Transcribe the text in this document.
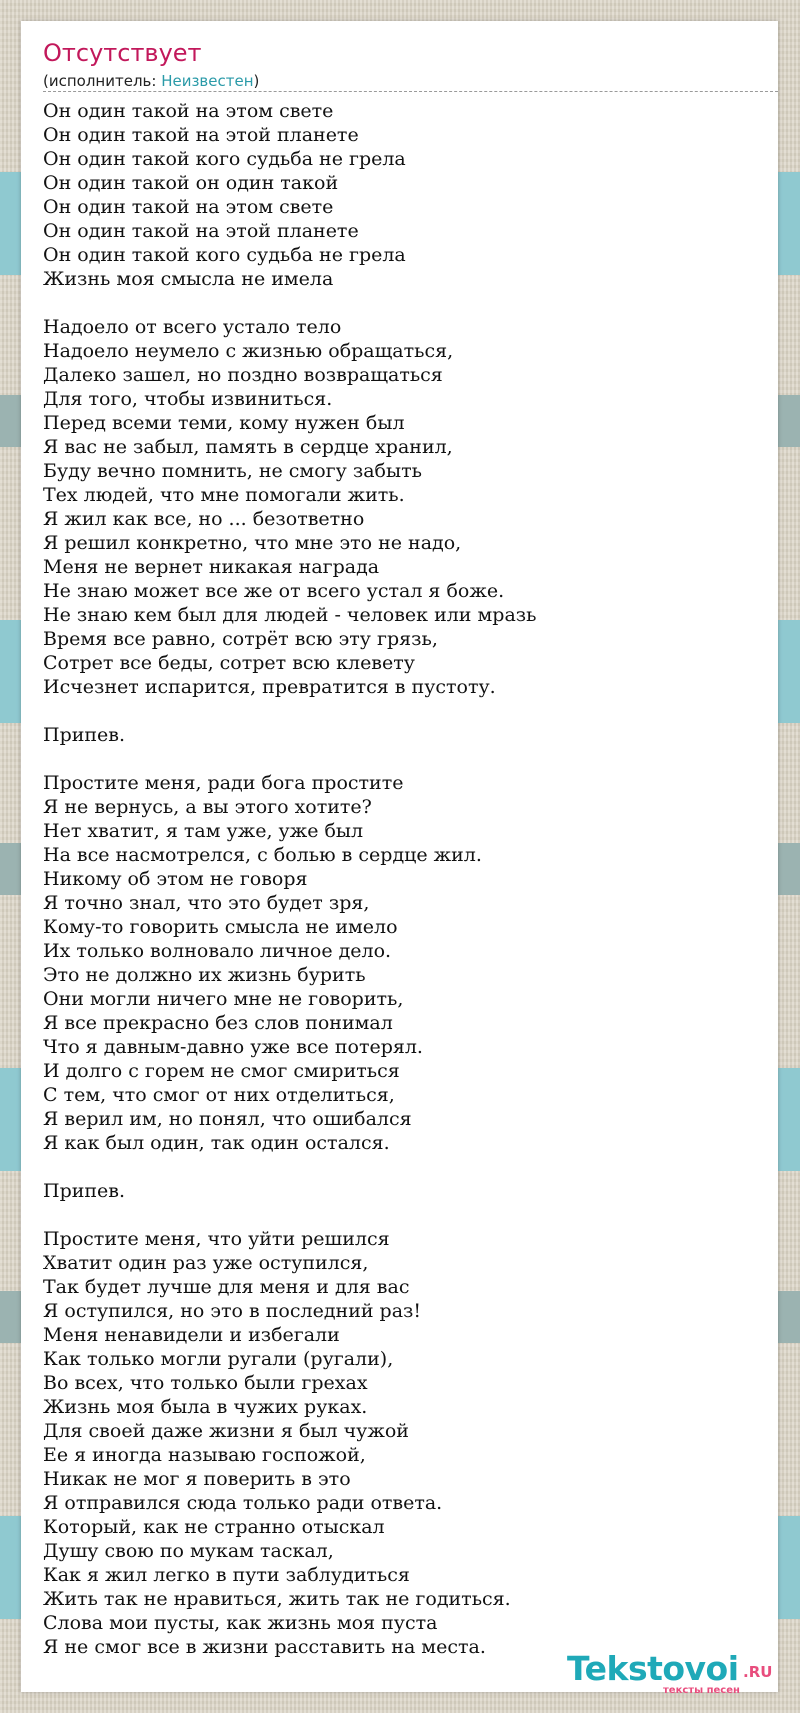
Отсутствует
(исполнитель: Неизвестен)
Он один такой на этом свете
Он один такой на этой планете
Он один такой кого судьба не грела
Он один такой он один такой
Он один такой на этом свете
Он один такой на этой планете
Он один такой кого судьба не грела
Жизнь моя смысла не имела
Надоело от всего устало тело
Надоело неумело с жизнью обращаться,
Далеко зашел, но поздно возвращаться
Для того, чтобы извиниться.
Перед всеми теми, кому нужен был
Я вас не забыл, память в сердце хранил,
Буду вечно помнить, не смогу забыть
Тех людей, что мне помогали жить.
Я жил как все, но ... безответно
Я решил конкретно, что мне это не надо,
Меня не вернет никакая награда
Не знаю может все же от всего устал я боже.
Не знаю кем был для людей - человек или мразь
Время все равно, сотрёт всю эту грязь,
Сотрет все беды, сотрет всю клевету
Исчезнет испарится, превратится в пустоту.
Припев.
Простите меня, ради бога простите
Я не вернусь, а вы этого хотите?
Нет хватит, я там уже, уже был
На все насмотрелся, с болью в сердце жил.
Никому об этом не говоря
Я точно знал, что это будет зря,
Кому-то говорить смысла не имело
Их только волновало личное дело.
Это не должно их жизнь бурить
Они могли ничего мне не говорить,
Я все прекрасно без слов понимал
Что я давным-давно уже все потерял.
И долго с горем не смог смириться
С тем, что смог от них отделиться,
Я верил им, но понял, что ошибался
Я как был один, так один остался.
Припев.
Простите меня, что уйти решился
Хватит один раз уже оступился,
Так будет лучше для меня и для вас
Я оступился, но это в последний раз!
Меня ненавидели и избегали
Как только могли ругали (ругали),
Во всех, что только были грехах
Жизнь моя была в чужих руках.
Для своей даже жизни я был чужой
Ее я иногда называю госпожой,
Никак не мог я поверить в это
Я отправился сюда только ради ответа.
Который, как не странно отыскал
Душу свою по мукам таскал,
Как я жил легко в пути заблудиться
Жить так не нравиться, жить так не годиться.
Слова мои пусты, как жизнь моя пуста
Я не смог все в жизни расставить на места.
Tekstovoi .RU
тексты песен
